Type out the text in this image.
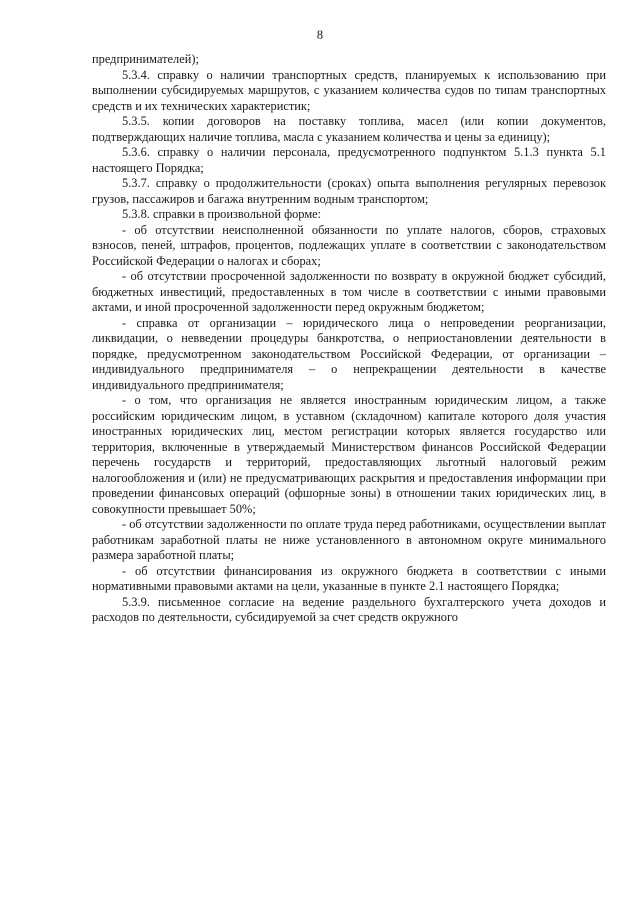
8

предпринимателей);

5.3.4. справку о наличии транспортных средств, планируемых к использованию при выполнении субсидируемых маршрутов, с указанием количества судов по типам транспортных средств и их технических характеристик;

5.3.5. копии договоров на поставку топлива, масел (или копии документов, подтверждающих наличие топлива, масла с указанием количества и цены за единицу);

5.3.6. справку о наличии персонала, предусмотренного подпунктом 5.1.3 пункта 5.1 настоящего Порядка;

5.3.7. справку о продолжительности (сроках) опыта выполнения регулярных перевозок грузов, пассажиров и багажа внутренним водным транспортом;

5.3.8. справки в произвольной форме:

- об отсутствии неисполненной обязанности по уплате налогов, сборов, страховых взносов, пеней, штрафов, процентов, подлежащих уплате в соответствии с законодательством Российской Федерации о налогах и сборах;

- об отсутствии просроченной задолженности по возврату в окружной бюджет субсидий, бюджетных инвестиций, предоставленных в том числе в соответствии с иными правовыми актами, и иной просроченной задолженности перед окружным бюджетом;

- справка от организации – юридического лица о непроведении реорганизации, ликвидации, о невведении процедуры банкротства, о неприостановлении деятельности в порядке, предусмотренном законодательством Российской Федерации, от организации – индивидуального предпринимателя – о непрекращении деятельности в качестве индивидуального предпринимателя;

- о том, что организация не является иностранным юридическим лицом, а также российским юридическим лицом, в уставном (складочном) капитале которого доля участия иностранных юридических лиц, местом регистрации которых является государство или территория, включенные в утверждаемый Министерством финансов Российской Федерации перечень государств и территорий, предоставляющих льготный налоговый режим налогообложения и (или) не предусматривающих раскрытия и предоставления информации при проведении финансовых операций (офшорные зоны) в отношении таких юридических лиц, в совокупности превышает 50%;

- об отсутствии задолженности по оплате труда перед работниками, осуществлении выплат работникам заработной платы не ниже установленного в автономном округе минимального размера заработной платы;

- об отсутствии финансирования из окружного бюджета в соответствии с иными нормативными правовыми актами на цели, указанные в пункте 2.1 настоящего Порядка;

5.3.9. письменное согласие на ведение раздельного бухгалтерского учета доходов и расходов по деятельности, субсидируемой за счет средств окружного
